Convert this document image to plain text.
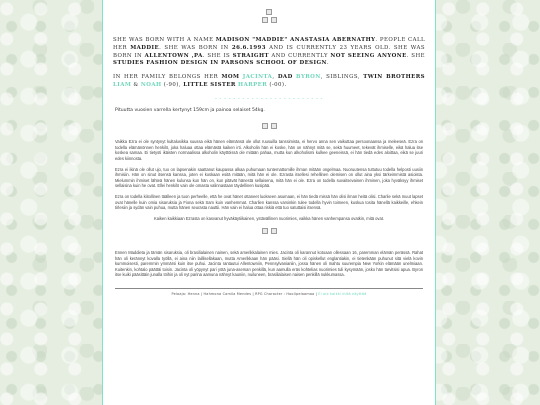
SHE WAS BORN WITH A NAME MADISON "MADDIE" ANASTASIA ABERNATHY. PEOPLE CALL HER MADDIE. SHE WAS BORN IN 26.6.1993 AND IS CURRENTLY 23 YEARS OLD. SHE WAS BORN IN ALLENTOWN ,PA. SHE IS STRAIGHT AND CURRENTLY NOT SEEING ANYONE. SHE STUDIES FASHION DESIGN IN PARSONS SCHOOL OF DESIGN.

IN HER FAMILY BELONGS HER MOM JACINTA, DAD BYRON, SIBLINGS, TWIN BROTHERS LIAM & NOAH (-90), LITTLE SISTER HARPER (-00).

- - - - - - - - - - - - - - - - - - - - - - - -
Pituutta vuosien varrella kertynyt 159cm ja painoa selaiset 54kg.

Vaikka Ezra ei ole syntynyt kultalusikka suussa eikä hänen elämänsä ole ollut ruusuilla tanssimista, ei hervo anna sen vaikuttaa persoonaansa ja meleeseä. Ezra on todella elämänönnen henkilö, joka haluaa ottaa elämästä kaiken irti. Alkoholin hän ei koske, hän on nähnyt mitä se, sekä huumeet, tekevät ihmiselle, eikä halua itse koskea samaa. Ei tietysti ikäisten normaalissa alkoholin käyttöissä ole mitään pahaa, mutta kun alkoholismi kulkee geeneissä, ei hän tiedä edes aloittaa, eikä se juuri edes kiinnosta.

Ezra ei ikinä ole ollut ujo, tuo on lapsenakin saattanut kaupassa alkaa puhumaan tuntemattomille ihman mitään ongelmaa. Nuoruutensa tuttutuu todella helposti uusiin ihmisiin. Hän on sinut itsensä kanssa, joten ei koskaan esitä mitään, mitä hän ei ole. Ezrasta itsellesi rehellinen olemisen on ollut aina yksi tärkeimmistä asioista. Mielummin ihmiset lähteä hänen kulunsa kun hän on, kun pitävät hänestä sellaisena, mitä hän ei ole. Ezra on todella suvaitsevainen ihminen, joka hyväksyy ihmiset sellaisina kuin he ovat. Ellei henkilö vain ole omasta valinnastaan täydellinen kusipää.

Ezra on todella kiitollinen täälleen ja tuon perheelle, että he ovat hänet ottaneet luokseen asumaan, ei hän tiedä missä hän olisi ilman heitä olisi. Charlie sekä muut lapset ovat hänelle kuin omia sisaruksia ja Fiona sekä Sam kuin vanhemmat. Charlien kanssa varsinkin tulee todella hyvin toimeen, kuskua tosita hänellä kaikkeille, ehkein tirlesiin ja sydän vain puhua, mutta hänen seurasta nauttii. Hän vain ei halua ottaa riskiä että tuo satuttaisi itsensä.

Kaiken kaikkiaan Ezrasta on kasvanut hyväkäytiikainen, ystävällinen nuorimies, vaikka hänen vanhempansa ovatkin, mitä ovat.

Ennen Maddieta ja tämän sisaruksia, oli brasilialainen nainen, sekä amerikkalainen mies. Jacinta oli karannut kotoaan ollessaan 16, paremman elämän perässä. Rahat hän oli kerännyt kovalla työllä, ei aina niin laillisellakaan, mutta Amerikkaan hän pääsi. Siellä hän oli opiskellut englantiakin, ei tietenkään puhunut sitä vielä kovin kummoisesti, paremmin ymmärsi kuin itse puhui. Jacinta rantautui Allentowniin, Pennsylvanianiin, jossa hänen oli mahtu suurempia New Yorkin elämään unelmiaan. Kuitenkin, kohtalo päättäi toisin. Jacinta oli yöpynyt pari yötä juna-aseman penkillä, kun aamulla eräs kohtelias nuorimies tuli kysymään, josko hän tarvitsisi apua. Byron itse kuiki pääsittäin junalla töihin ja oli nyt parina aamuna nähnyt kauniin, nuiluneen, brasilialaisen naisen penkillä nukkumassa.

Pelaaja: Henna | Hahmona Camila Mendes | RPG Character : Hoolipelaamaa | Ei ole kaikki mitä näyttää
